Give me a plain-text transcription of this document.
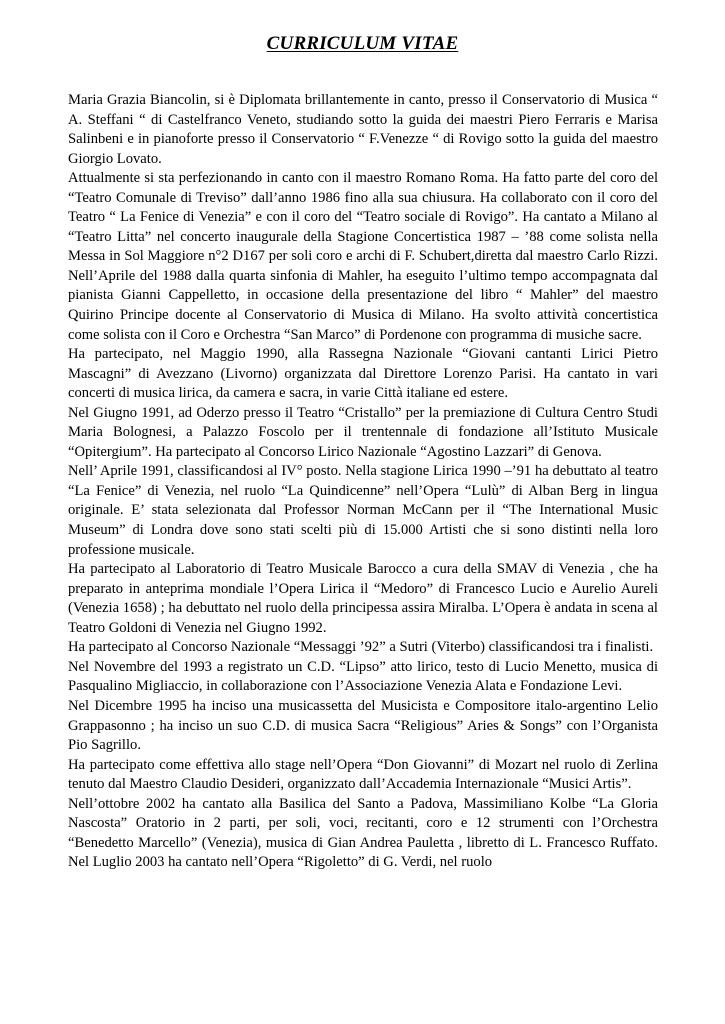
CURRICULUM VITAE

Maria Grazia Biancolin, si è Diplomata brillantemente in canto, presso il Conservatorio di Musica “ A. Steffani “ di Castelfranco Veneto, studiando sotto la guida dei maestri Piero Ferraris e Marisa Salinbeni e in pianoforte presso il Conservatorio “ F.Venezze “ di Rovigo sotto la guida del maestro Giorgio Lovato.

Attualmente si sta perfezionando in canto con il maestro Romano Roma. Ha fatto parte del coro del “Teatro Comunale di Treviso” dall’anno 1986 fino alla sua chiusura. Ha collaborato con il coro del Teatro “ La Fenice di Venezia” e con il coro del “Teatro sociale di Rovigo”. Ha cantato a Milano al “Teatro Litta” nel concerto inaugurale della Stagione Concertistica 1987 – ’88 come solista nella Messa in Sol Maggiore n°2 D167 per soli coro e archi di F. Schubert,diretta dal maestro Carlo Rizzi. Nell’Aprile del 1988 dalla quarta sinfonia di Mahler, ha eseguito l’ultimo tempo accompagnata dal pianista Gianni Cappelletto, in occasione della presentazione del libro “ Mahler” del maestro Quirino Principe docente al Conservatorio di Musica di Milano. Ha svolto attività concertistica come solista con il Coro e Orchestra “San Marco” di Pordenone con programma di musiche sacre.

Ha partecipato, nel Maggio 1990, alla Rassegna Nazionale “Giovani cantanti Lirici Pietro Mascagni” di Avezzano (Livorno) organizzata dal Direttore Lorenzo Parisi. Ha cantato in vari concerti di musica lirica, da camera e sacra, in varie Città italiane ed estere.

Nel Giugno 1991, ad Oderzo presso il Teatro “Cristallo” per la premiazione di Cultura Centro Studi Maria Bolognesi, a Palazzo Foscolo per il trentennale di fondazione all’Istituto Musicale “Opitergium”. Ha partecipato al Concorso Lirico Nazionale “Agostino Lazzari” di Genova.

Nell’ Aprile 1991, classificandosi al IV° posto. Nella stagione Lirica 1990 –’91 ha debuttato al teatro “La Fenice” di Venezia, nel ruolo “La Quindicenne” nell’Opera “Lulù” di Alban Berg in lingua originale. E’ stata selezionata dal Professor Norman McCann per il “The International Music Museum” di Londra dove sono stati scelti più di 15.000 Artisti che si sono distinti nella loro professione musicale.

Ha partecipato al Laboratorio di Teatro Musicale Barocco a cura della SMAV di Venezia , che ha preparato in anteprima mondiale l’Opera Lirica il “Medoro” di Francesco Lucio e Aurelio Aureli (Venezia 1658) ; ha debuttato nel ruolo della principessa assira Miralba. L’Opera è andata in scena al Teatro Goldoni di Venezia nel Giugno 1992.

Ha partecipato al Concorso Nazionale “Messaggi ’92” a Sutri (Viterbo) classificandosi tra i finalisti.

Nel Novembre del 1993 a registrato un C.D. “Lipso” atto lirico, testo di Lucio Menetto, musica di Pasqualino Migliaccio, in collaborazione con l’Associazione Venezia Alata e Fondazione Levi.

Nel Dicembre 1995 ha inciso una musicassetta del Musicista e Compositore italo-argentino Lelio Grappasonno ; ha inciso un suo C.D. di musica Sacra “Religious” Aries & Songs” con l’Organista Pio Sagrillo.

Ha partecipato come effettiva allo stage nell’Opera “Don Giovanni” di Mozart nel ruolo di Zerlina tenuto dal Maestro Claudio Desideri, organizzato dall’Accademia Internazionale “Musici Artis”.

Nell’ottobre 2002 ha cantato alla Basilica del Santo a Padova, Massimiliano Kolbe “La Gloria Nascosta” Oratorio in 2 parti, per soli, voci, recitanti, coro e 12 strumenti con l’Orchestra “Benedetto Marcello” (Venezia), musica di Gian Andrea Pauletta , libretto di L. Francesco Ruffato. Nel Luglio 2003 ha cantato nell’Opera “Rigoletto” di G. Verdi, nel ruolo
